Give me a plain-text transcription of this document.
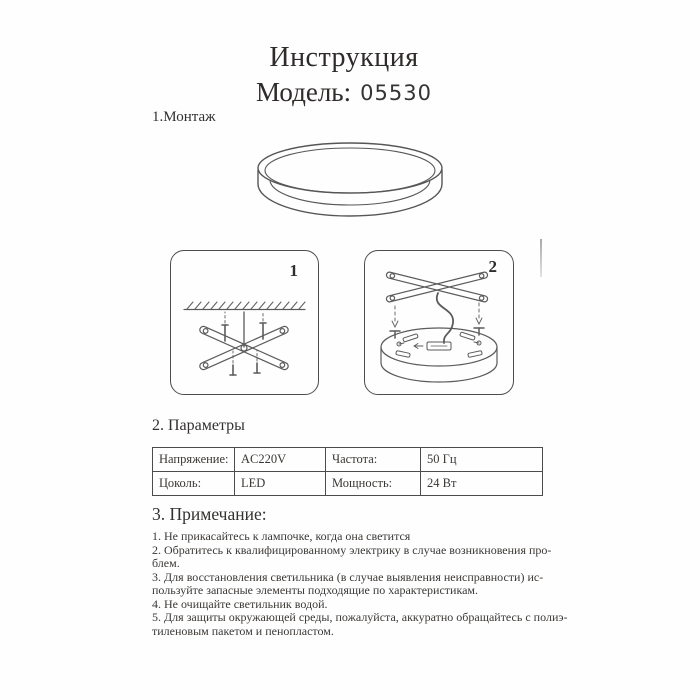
Инструкция
Модель: 05530
1.Монтаж
1	2
2. Параметры
Напряжение:	AC220V	Частота:	50 Гц
Цоколь:	LED	Мощность:	24 Вт
3. Примечание:
1. Не прикасайтесь к лампочке, когда она светится
2. Обратитесь к квалифицированному электрику в случае возникновения про-
блем.
3. Для восстановления светильника (в случае выявления неисправности) ис-
пользуйте запасные элементы подходящие по характеристикам.
4. Не очищайте светильник водой.
5. Для защиты окружающей среды, пожалуйста, аккуратно обращайтесь с полиэ-
тиленовым пакетом и пенопластом.
